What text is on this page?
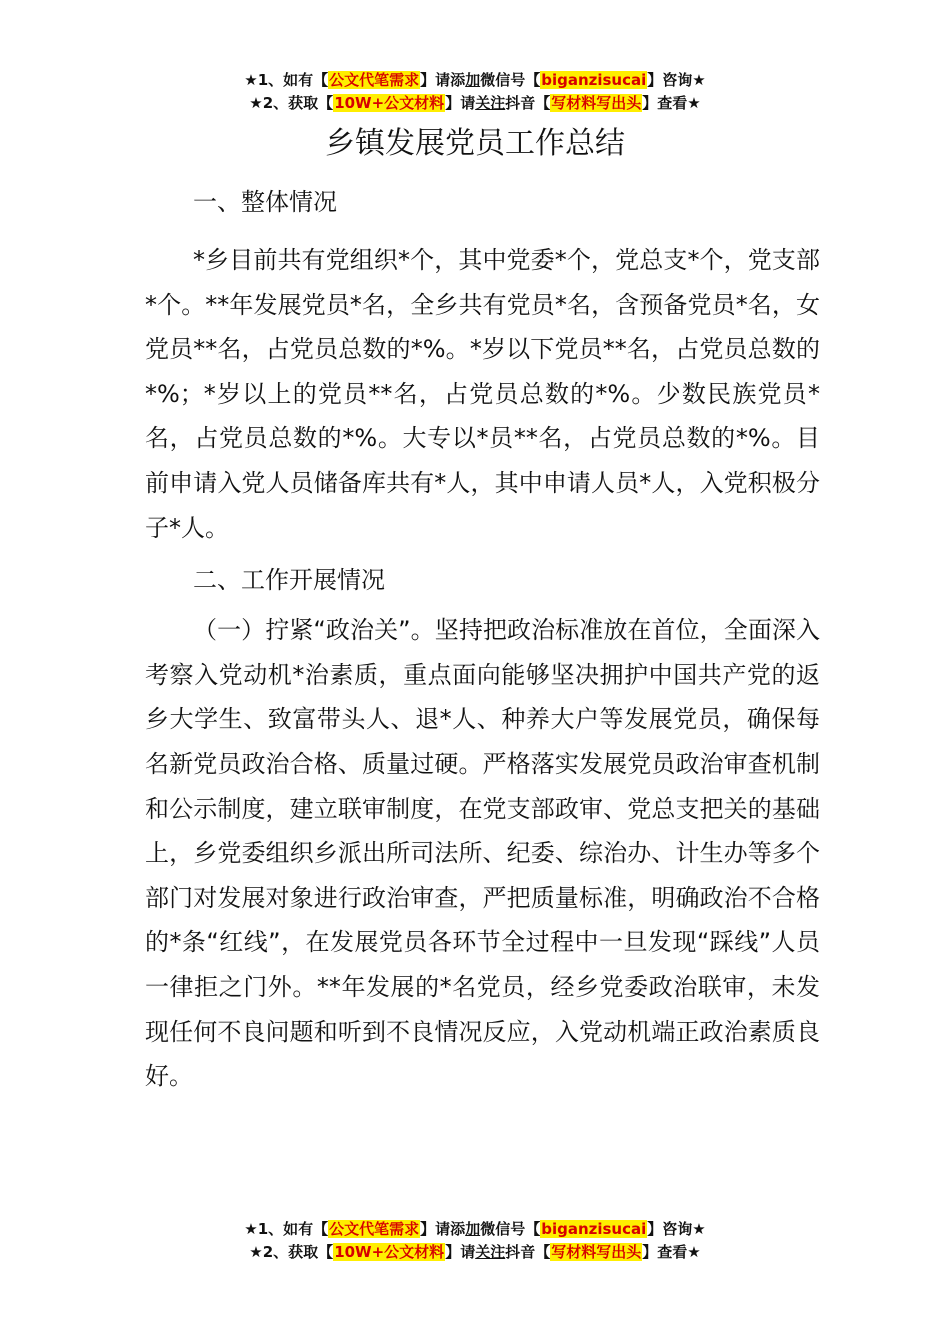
★1、如有【公文代笔需求】请添加微信号【biganzisucai】咨询★
★2、获取【10W+公文材料】请关注抖音【写材料写出头】查看★
乡镇发展党员工作总结

一、整体情况

*乡目前共有党组织*个，其中党委*个，党总支*个，党支部*个。**年发展党员*名，全乡共有党员*名，含预备党员*名，女党员**名，占党员总数的*%。*岁以下党员**名，占党员总数的*%；*岁以上的党员**名，占党员总数的*%。少数民族党员*名，占党员总数的*%。大专以*员**名，占党员总数的*%。目前申请入党人员储备库共有*人，其中申请人员*人，入党积极分子*人。

二、工作开展情况

（一）拧紧“政治关”。坚持把政治标准放在首位，全面深入考察入党动机*治素质，重点面向能够坚决拥护中国共产党的返乡大学生、致富带头人、退*人、种养大户等发展党员，确保每名新党员政治合格、质量过硬。严格落实发展党员政治审查机制和公示制度，建立联审制度，在党支部政审、党总支把关的基础上，乡党委组织乡派出所司法所、纪委、综治办、计生办等多个部门对发展对象进行政治审查，严把质量标准，明确政治不合格的*条“红线”，在发展党员各环节全过程中一旦发现“踩线”人员一律拒之门外。**年发展的*名党员，经乡党委政治联审，未发现任何不良问题和听到不良情况反应，入党动机端正政治素质良好。

★1、如有【公文代笔需求】请添加微信号【biganzisucai】咨询★
★2、获取【10W+公文材料】请关注抖音【写材料写出头】查看★
